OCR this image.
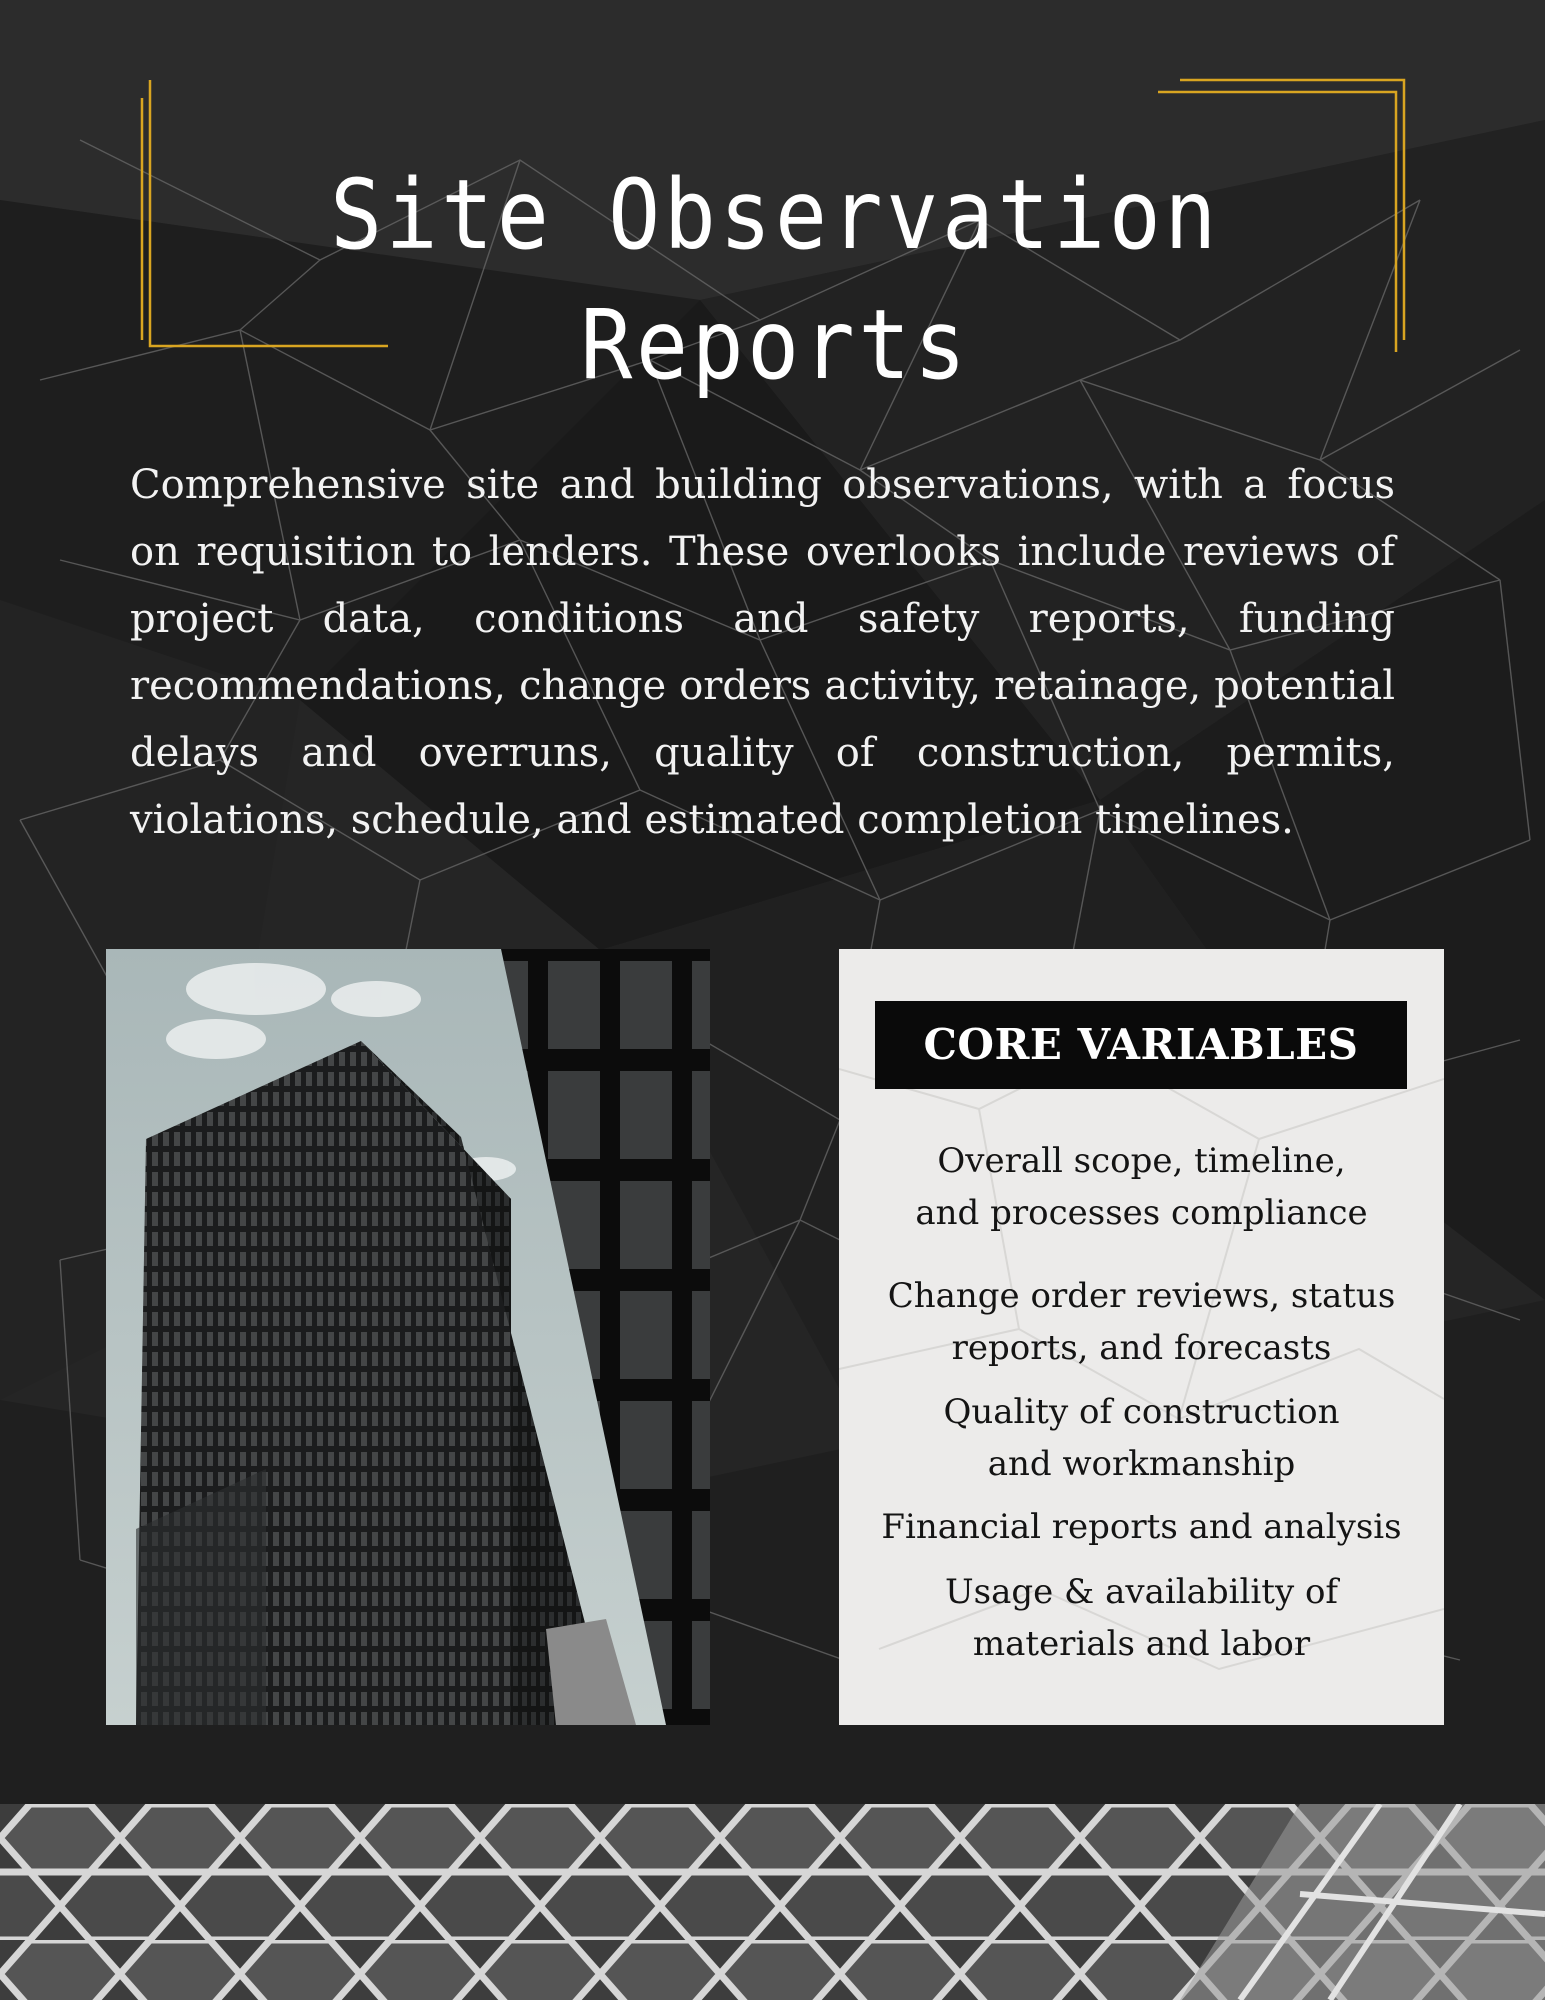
Site Observation Reports

Comprehensive site and building observations, with a focus on requisition to lenders. These overlooks include reviews of project data, conditions and safety reports, funding recommendations, change orders activity, retainage, potential delays and overruns, quality of construction, permits, violations, schedule, and estimated completion timelines.

CORE VARIABLES

Overall scope, timeline,
and processes compliance

Change order reviews, status
reports, and forecasts

Quality of construction
and workmanship

Financial reports and analysis

Usage & availability of
materials and labor
